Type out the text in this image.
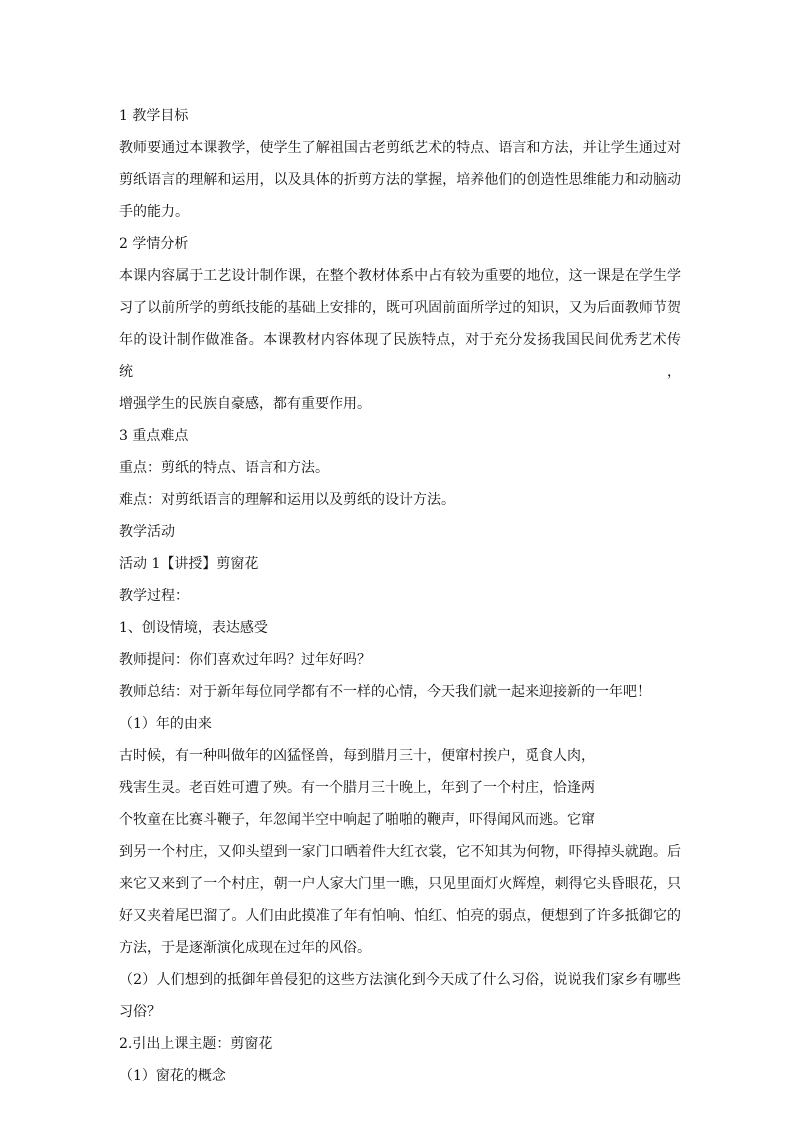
1 教学目标

教师要通过本课教学，使学生了解祖国古老剪纸艺术的特点、语言和方法，并让学生通过对

剪纸语言的理解和运用，以及具体的折剪方法的掌握，培养他们的创造性思维能力和动脑动

手的能力。

2 学情分析

本课内容属于工艺设计制作课，在整个教材体系中占有较为重要的地位，这一课是在学生学

习了以前所学的剪纸技能的基础上安排的，既可巩固前面所学过的知识，又为后面教师节贺

年的设计制作做准备。本课教材内容体现了民族特点，对于充分发扬我国民间优秀艺术传统，

增强学生的民族自豪感，都有重要作用。

3 重点难点

重点：剪纸的特点、语言和方法。

难点：对剪纸语言的理解和运用以及剪纸的设计方法。

教学活动

活动 1【讲授】剪窗花

教学过程：

1、创设情境，表达感受

教师提问：你们喜欢过年吗？过年好吗？

教师总结：对于新年每位同学都有不一样的心情，今天我们就一起来迎接新的一年吧！

（1）年的由来

古时候，有一种叫做年的凶猛怪兽，每到腊月三十，便窜村挨户，觅食人肉，

残害生灵。老百姓可遭了殃。有一个腊月三十晚上，年到了一个村庄，恰逢两

个牧童在比赛斗鞭子，年忽闻半空中响起了啪啪的鞭声，吓得闻风而逃。它窜

到另一个村庄，又仰头望到一家门口晒着件大红衣裳，它不知其为何物，吓得掉头就跑。后

来它又来到了一个村庄，朝一户人家大门里一瞧，只见里面灯火辉煌，刺得它头昏眼花，只

好又夹着尾巴溜了。人们由此摸准了年有怕响、怕红、怕亮的弱点，便想到了许多抵御它的

方法，于是逐渐演化成现在过年的风俗。

（2）人们想到的抵御年兽侵犯的这些方法演化到今天成了什么习俗，说说我们家乡有哪些

习俗？

2.引出上课主题：剪窗花

（1）窗花的概念
